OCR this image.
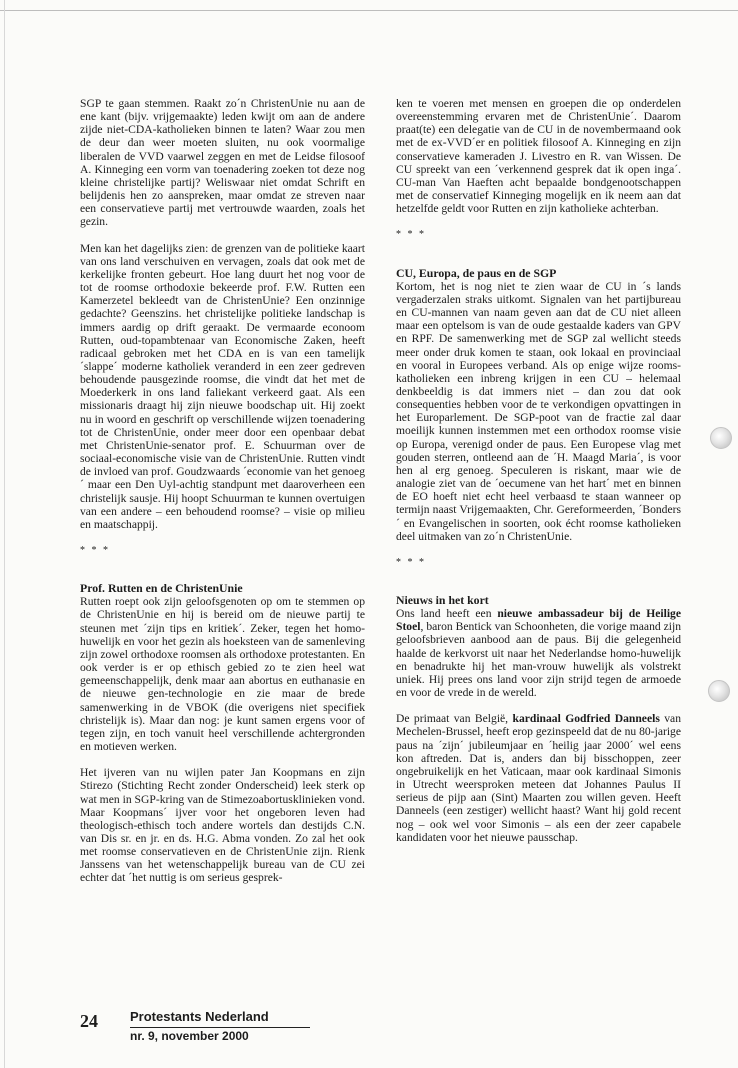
SGP te gaan stemmen. Raakt zo´n ChristenUnie nu aan de ene kant (bijv. vrijgemaakte) leden kwijt om aan de andere zijde niet-CDA-katholieken binnen te laten? Waar zou men de deur dan weer moeten sluiten, nu ook voormalige liberalen de VVD vaarwel zeggen en met de Leidse filosoof A. Kinneging een vorm van toenadering zoeken tot deze nog kleine christelijke partij? Weliswaar niet omdat Schrift en belijdenis hen zo aanspreken, maar omdat ze streven naar een conservatieve partij met vertrouwde waarden, zoals het gezin.

Men kan het dagelijks zien: de grenzen van de politieke kaart van ons land verschuiven en vervagen, zoals dat ook met de kerkelijke fronten gebeurt. Hoe lang duurt het nog voor de tot de roomse orthodoxie bekeerde prof. F.W. Rutten een Kamerzetel bekleedt van de ChristenUnie? Een onzinnige gedachte? Geenszins. het christelijke politieke landschap is immers aardig op drift geraakt. De vermaarde econoom Rutten, oud-topambtenaar van Economische Zaken, heeft radicaal gebroken met het CDA en is van een tamelijk ´slappe´ moderne katholiek veranderd in een zeer gedreven behoudende pausgezinde roomse, die vindt dat het met de Moederkerk in ons land faliekant verkeerd gaat. Als een missionaris draagt hij zijn nieuwe boodschap uit. Hij zoekt nu in woord en geschrift op verschillende wijzen toenadering tot de ChristenUnie, onder meer door een openbaar debat met ChristenUnie-senator prof. E. Schuurman over de sociaal-economische visie van de ChristenUnie. Rutten vindt de invloed van prof. Goudzwaards ´economie van het genoeg´ maar een Den Uyl-achtig standpunt met daaroverheen een christelijk sausje. Hij hoopt Schuurman te kunnen overtuigen van een andere – een behoudend roomse? – visie op milieu en maatschappij.

* * *

Prof. Rutten en de ChristenUnie

Rutten roept ook zijn geloofsgenoten op om te stemmen op de ChristenUnie en hij is bereid om de nieuwe partij te steunen met ´zijn tips en kritiek´. Zeker, tegen het homo-huwelijk en voor het gezin als hoeksteen van de samenleving zijn zowel orthodoxe roomsen als orthodoxe protestanten. En ook verder is er op ethisch gebied zo te zien heel wat gemeenschappelijk, denk maar aan abortus en euthanasie en de nieuwe gen-technologie en zie maar de brede samenwerking in de VBOK (die overigens niet specifiek christelijk is). Maar dan nog: je kunt samen ergens voor of tegen zijn, en toch vanuit heel verschillende achtergronden en motieven werken.

Het ijveren van nu wijlen pater Jan Koopmans en zijn Stirezo (Stichting Recht zonder Onderscheid) leek sterk op wat men in SGP-kring van de Stimezoabortusklinieken vond. Maar Koopmans´ ijver voor het ongeboren leven had theologisch-ethisch toch andere wortels dan destijds C.N. van Dis sr. en jr. en ds. H.G. Abma vonden. Zo zal het ook met roomse conservatieven en de ChristenUnie zijn. Rienk Janssens van het wetenschappelijk bureau van de CU zei echter dat ´het nuttig is om serieus gesprek-

ken te voeren met mensen en groepen die op onderdelen overeenstemming ervaren met de ChristenUnie´. Daarom praat(te) een delegatie van de CU in de novembermaand ook met de ex-VVD´er en politiek filosoof A. Kinneging en zijn conservatieve kameraden J. Livestro en R. van Wissen. De CU spreekt van een ´verkennend gesprek dat ik open inga´. CU-man Van Haeften acht bepaalde bondgenootschappen met de conservatief Kinneging mogelijk en ik neem aan dat hetzelfde geldt voor Rutten en zijn katholieke achterban.

* * *

CU, Europa, de paus en de SGP

Kortom, het is nog niet te zien waar de CU in ´s lands vergaderzalen straks uitkomt. Signalen van het partijbureau en CU-mannen van naam geven aan dat de CU niet alleen maar een optelsom is van de oude gestaalde kaders van GPV en RPF. De samenwerking met de SGP zal wellicht steeds meer onder druk komen te staan, ook lokaal en provinciaal en vooral in Europees verband. Als op enige wijze rooms-katholieken een inbreng krijgen in een CU – helemaal denkbeeldig is dat immers niet – dan zou dat ook consequenties hebben voor de te verkondigen opvattingen in het Europarlement. De SGP-poot van de fractie zal daar moeilijk kunnen instemmen met een orthodox roomse visie op Europa, verenigd onder de paus. Een Europese vlag met gouden sterren, ontleend aan de ´H. Maagd Maria´, is voor hen al erg genoeg. Speculeren is riskant, maar wie de analogie ziet van de ´oecumene van het hart´ met en binnen de EO hoeft niet echt heel verbaasd te staan wanneer op termijn naast Vrijgemaakten, Chr. Gereformeerden, ´Bonders´ en Evangelischen in soorten, ook écht roomse katholieken deel uitmaken van zo´n ChristenUnie.

* * *

Nieuws in het kort

Ons land heeft een nieuwe ambassadeur bij de Heilige Stoel, baron Bentick van Schoonheten, die vorige maand zijn geloofsbrieven aanbood aan de paus. Bij die gelegenheid haalde de kerkvorst uit naar het Nederlandse homo-huwelijk en benadrukte hij het man-vrouw huwelijk als volstrekt uniek. Hij prees ons land voor zijn strijd tegen de armoede en voor de vrede in de wereld.

De primaat van België, kardinaal Godfried Danneels van Mechelen-Brussel, heeft erop gezinspeeld dat de nu 80-jarige paus na ´zijn´ jubileumjaar en ´heilig jaar 2000´ wel eens kon aftreden. Dat is, anders dan bij bisschoppen, zeer ongebruikelijk en het Vaticaan, maar ook kardinaal Simonis in Utrecht weersproken meteen dat Johannes Paulus II serieus de pijp aan (Sint) Maarten zou willen geven. Heeft Danneels (een zestiger) wellicht haast? Want hij gold recent nog – ook wel voor Simonis – als een der zeer capabele kandidaten voor het nieuwe pausschap.

24 Protestants Nederland
nr. 9, november 2000
